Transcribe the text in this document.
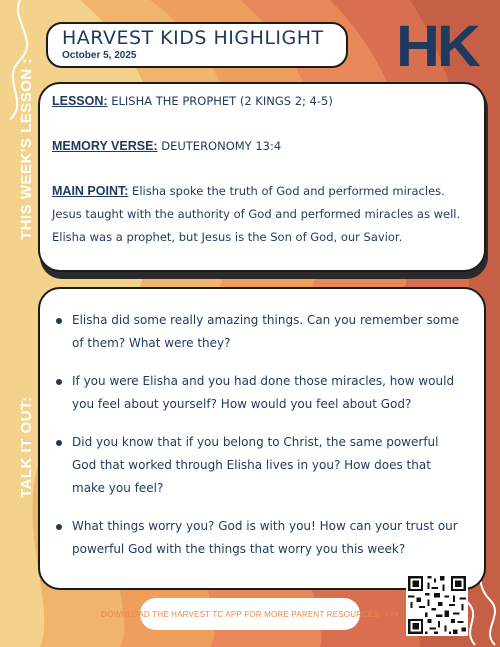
HARVEST KIDS HIGHLIGHT
October 5, 2025	HK
THIS WEEK'S LESSON :
TALK IT OUT:

LESSON: ELISHA THE PROPHET (2 KINGS 2; 4-5)

MEMORY VERSE: DEUTERONOMY 13:4

MAIN POINT: Elisha spoke the truth of God and performed miracles. Jesus taught with the authority of God and performed miracles as well. Elisha was a prophet, but Jesus is the Son of God, our Savior.

Elisha did some really amazing things. Can you remember some of them? What were they?
If you were Elisha and you had done those miracles, how would you feel about yourself? How would you feel about God?
Did you know that if you belong to Christ, the same powerful God that worked through Elisha lives in you? How does that make you feel?
What things worry you? God is with you! How can your trust our powerful God with the things that worry you this week?
DOWNLOAD THE HARVEST TC APP FOR MORE PARENT RESOURCES >>>
